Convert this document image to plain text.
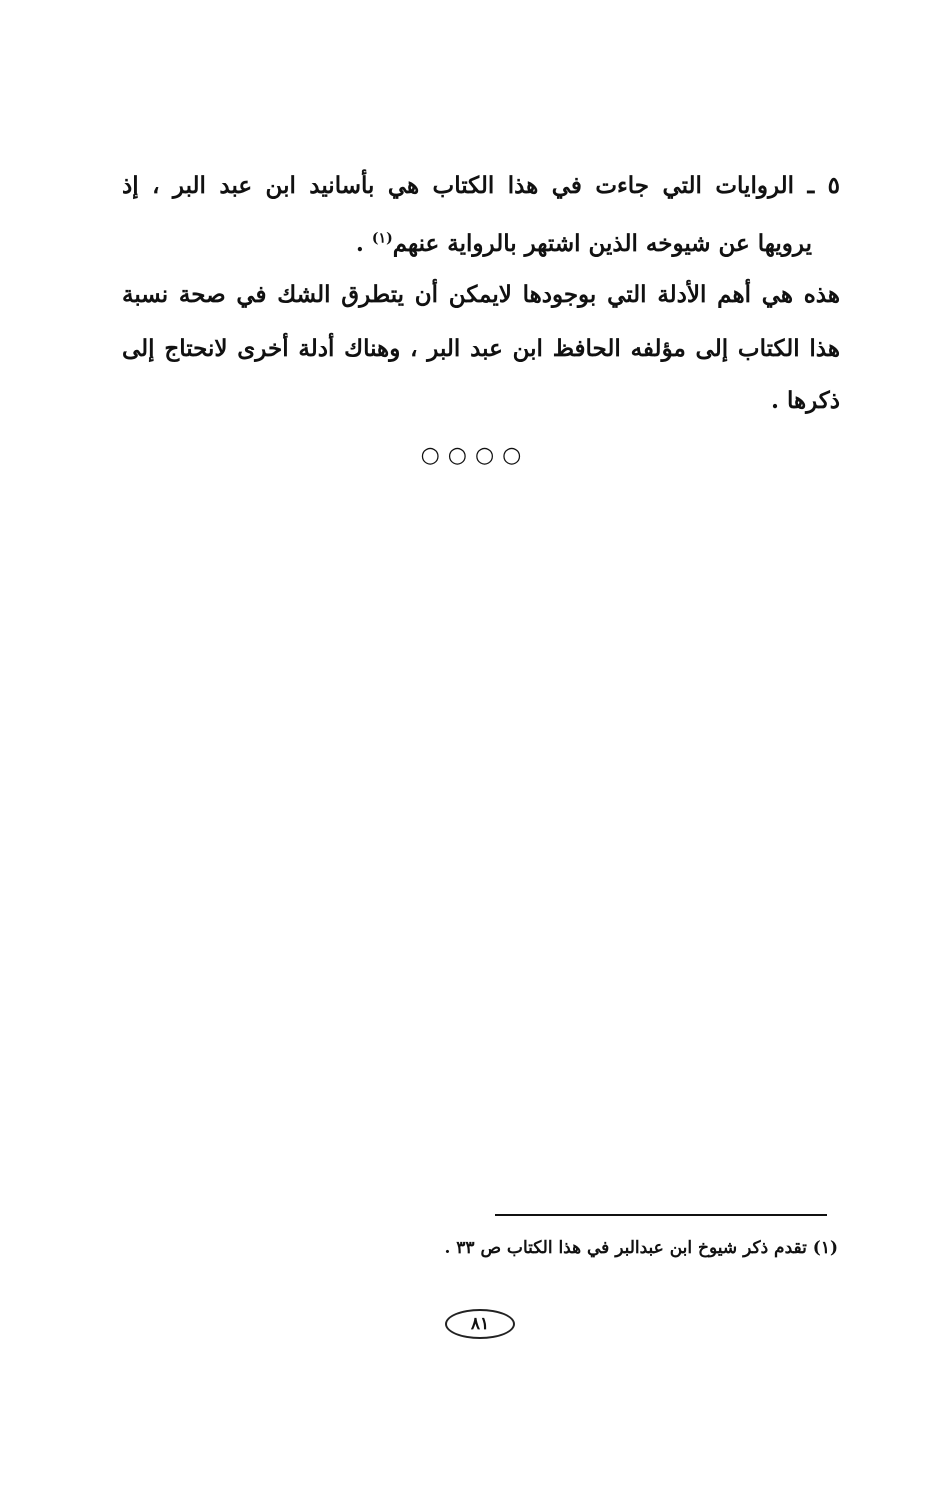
٥ ـ الروايات التي جاءت في هذا الكتاب هي بأسانيد ابن عبد البر ، إذ
يرويها عن شيوخه الذين اشتهر بالرواية عنهم$^{(١)}$ .
هذه هي أهم الأدلة التي بوجودها لايمكن أن يتطرق الشك في صحة نسبة
هذا الكتاب إلى مؤلفه الحافظ ابن عبد البر ، وهناك أدلة أخرى لانحتاج إلى
ذكرها .
○○○○
(١) تقدم ذكر شيوخ ابن عبدالبر في هذا الكتاب ص ٣٣ .
٨١
